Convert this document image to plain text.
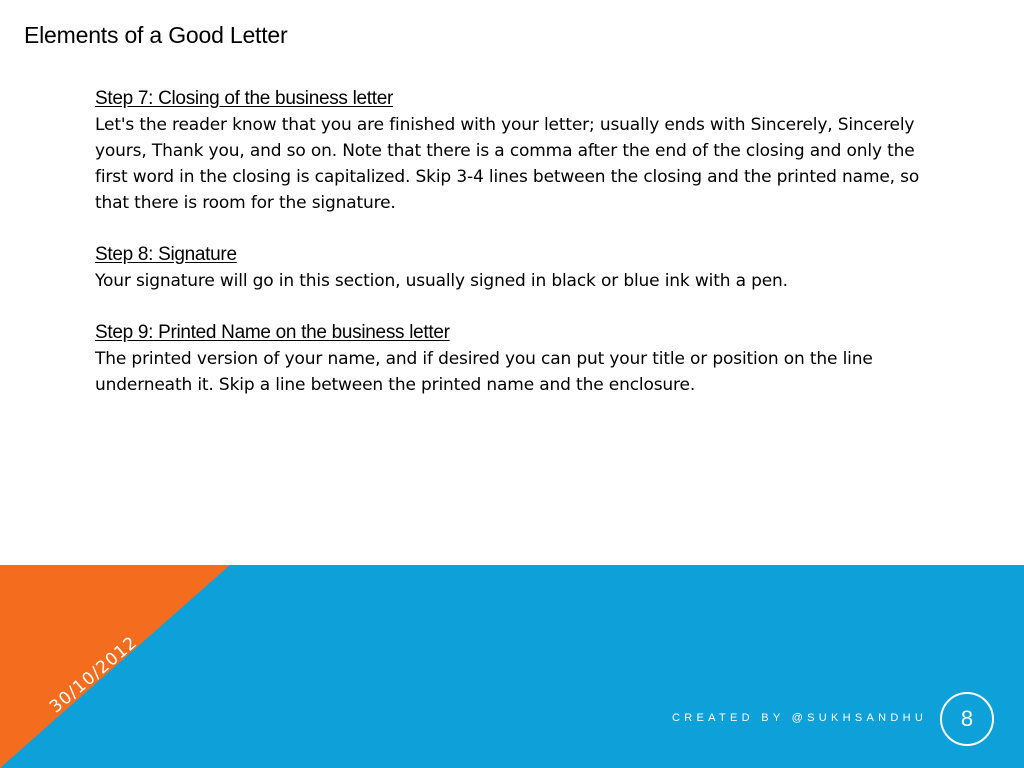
Elements of a Good Letter
Step 7: Closing of the business letter

Let's the reader know that you are finished with your letter; usually ends with Sincerely, Sincerely yours, Thank you, and so on. Note that there is a comma after the end of the closing and only the first word in the closing is capitalized. Skip 3-4 lines between the closing and the printed name, so that there is room for the signature.

Step 8: Signature

Your signature will go in this section, usually signed in black or blue ink with a pen.

Step 9: Printed Name on the business letter

The printed version of your name, and if desired you can put your title or position on the line underneath it. Skip a line between the printed name and the enclosure.

30/10/2012
CREATED BY @SUKHSANDHU 8
